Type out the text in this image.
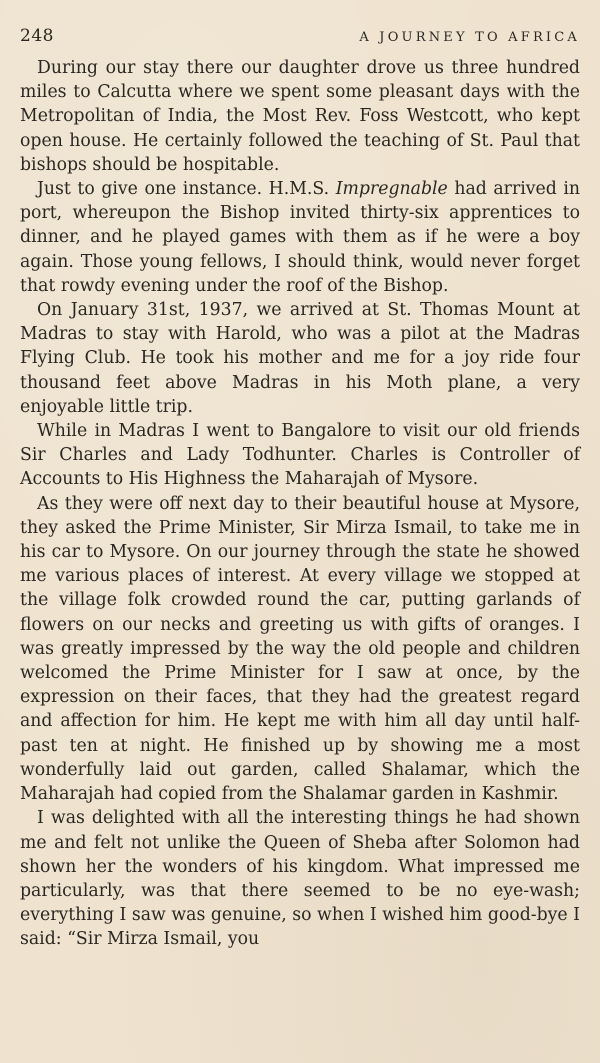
248	A JOURNEY TO AFRICA

During our stay there our daughter drove us three hundred miles to Calcutta where we spent some pleasant days with the Metropolitan of India, the Most Rev. Foss Westcott, who kept open house. He certainly followed the teaching of St. Paul that bishops should be hospitable.

Just to give one instance. H.M.S. Impregnable had arrived in port, whereupon the Bishop invited thirty-six apprentices to dinner, and he played games with them as if he were a boy again. Those young fellows, I should think, would never forget that rowdy evening under the roof of the Bishop.

On January 31st, 1937, we arrived at St. Thomas Mount at Madras to stay with Harold, who was a pilot at the Madras Flying Club. He took his mother and me for a joy ride four thousand feet above Madras in his Moth plane, a very enjoyable little trip.

While in Madras I went to Bangalore to visit our old friends Sir Charles and Lady Todhunter. Charles is Controller of Accounts to His Highness the Maharajah of Mysore.

As they were off next day to their beautiful house at Mysore, they asked the Prime Minister, Sir Mirza Ismail, to take me in his car to Mysore. On our journey through the state he showed me various places of interest. At every village we stopped at the village folk crowded round the car, putting garlands of flowers on our necks and greeting us with gifts of oranges. I was greatly impressed by the way the old people and children welcomed the Prime Minister for I saw at once, by the expression on their faces, that they had the greatest regard and affection for him. He kept me with him all day until half-past ten at night. He finished up by showing me a most wonderfully laid out garden, called Shalamar, which the Maharajah had copied from the Shalamar garden in Kashmir.

I was delighted with all the interesting things he had shown me and felt not unlike the Queen of Sheba after Solomon had shown her the wonders of his kingdom. What impressed me particularly, was that there seemed to be no eye-wash; everything I saw was genuine, so when I wished him good-bye I said: “Sir Mirza Ismail, you
